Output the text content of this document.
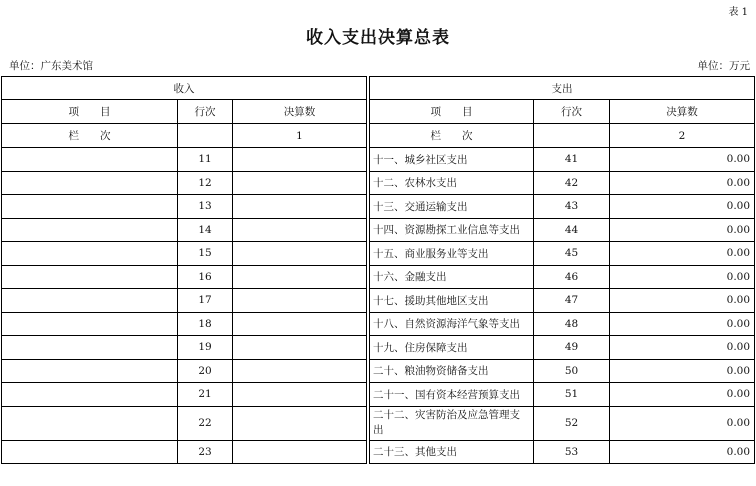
表 1
收入支出决算总表
单位：广东美术馆	单位：万元
收入				支出		
项　　目	行次	决算数		项　　目	行次	决算数
栏　　次		1		栏　　次		2
	11			十一、城乡社区支出	41	0.00
	12			十二、农林水支出	42	0.00
	13			十三、交通运输支出	43	0.00
	14			十四、资源勘探工业信息等支出	44	0.00
	15			十五、商业服务业等支出	45	0.00
	16			十六、金融支出	46	0.00
	17			十七、援助其他地区支出	47	0.00
	18			十八、自然资源海洋气象等支出	48	0.00
	19			十九、住房保障支出	49	0.00
	20			二十、粮油物资储备支出	50	0.00
	21			二十一、国有资本经营预算支出	51	0.00
	22			二十二、灾害防治及应急管理支出	52	0.00
	23			二十三、其他支出	53	0.00
